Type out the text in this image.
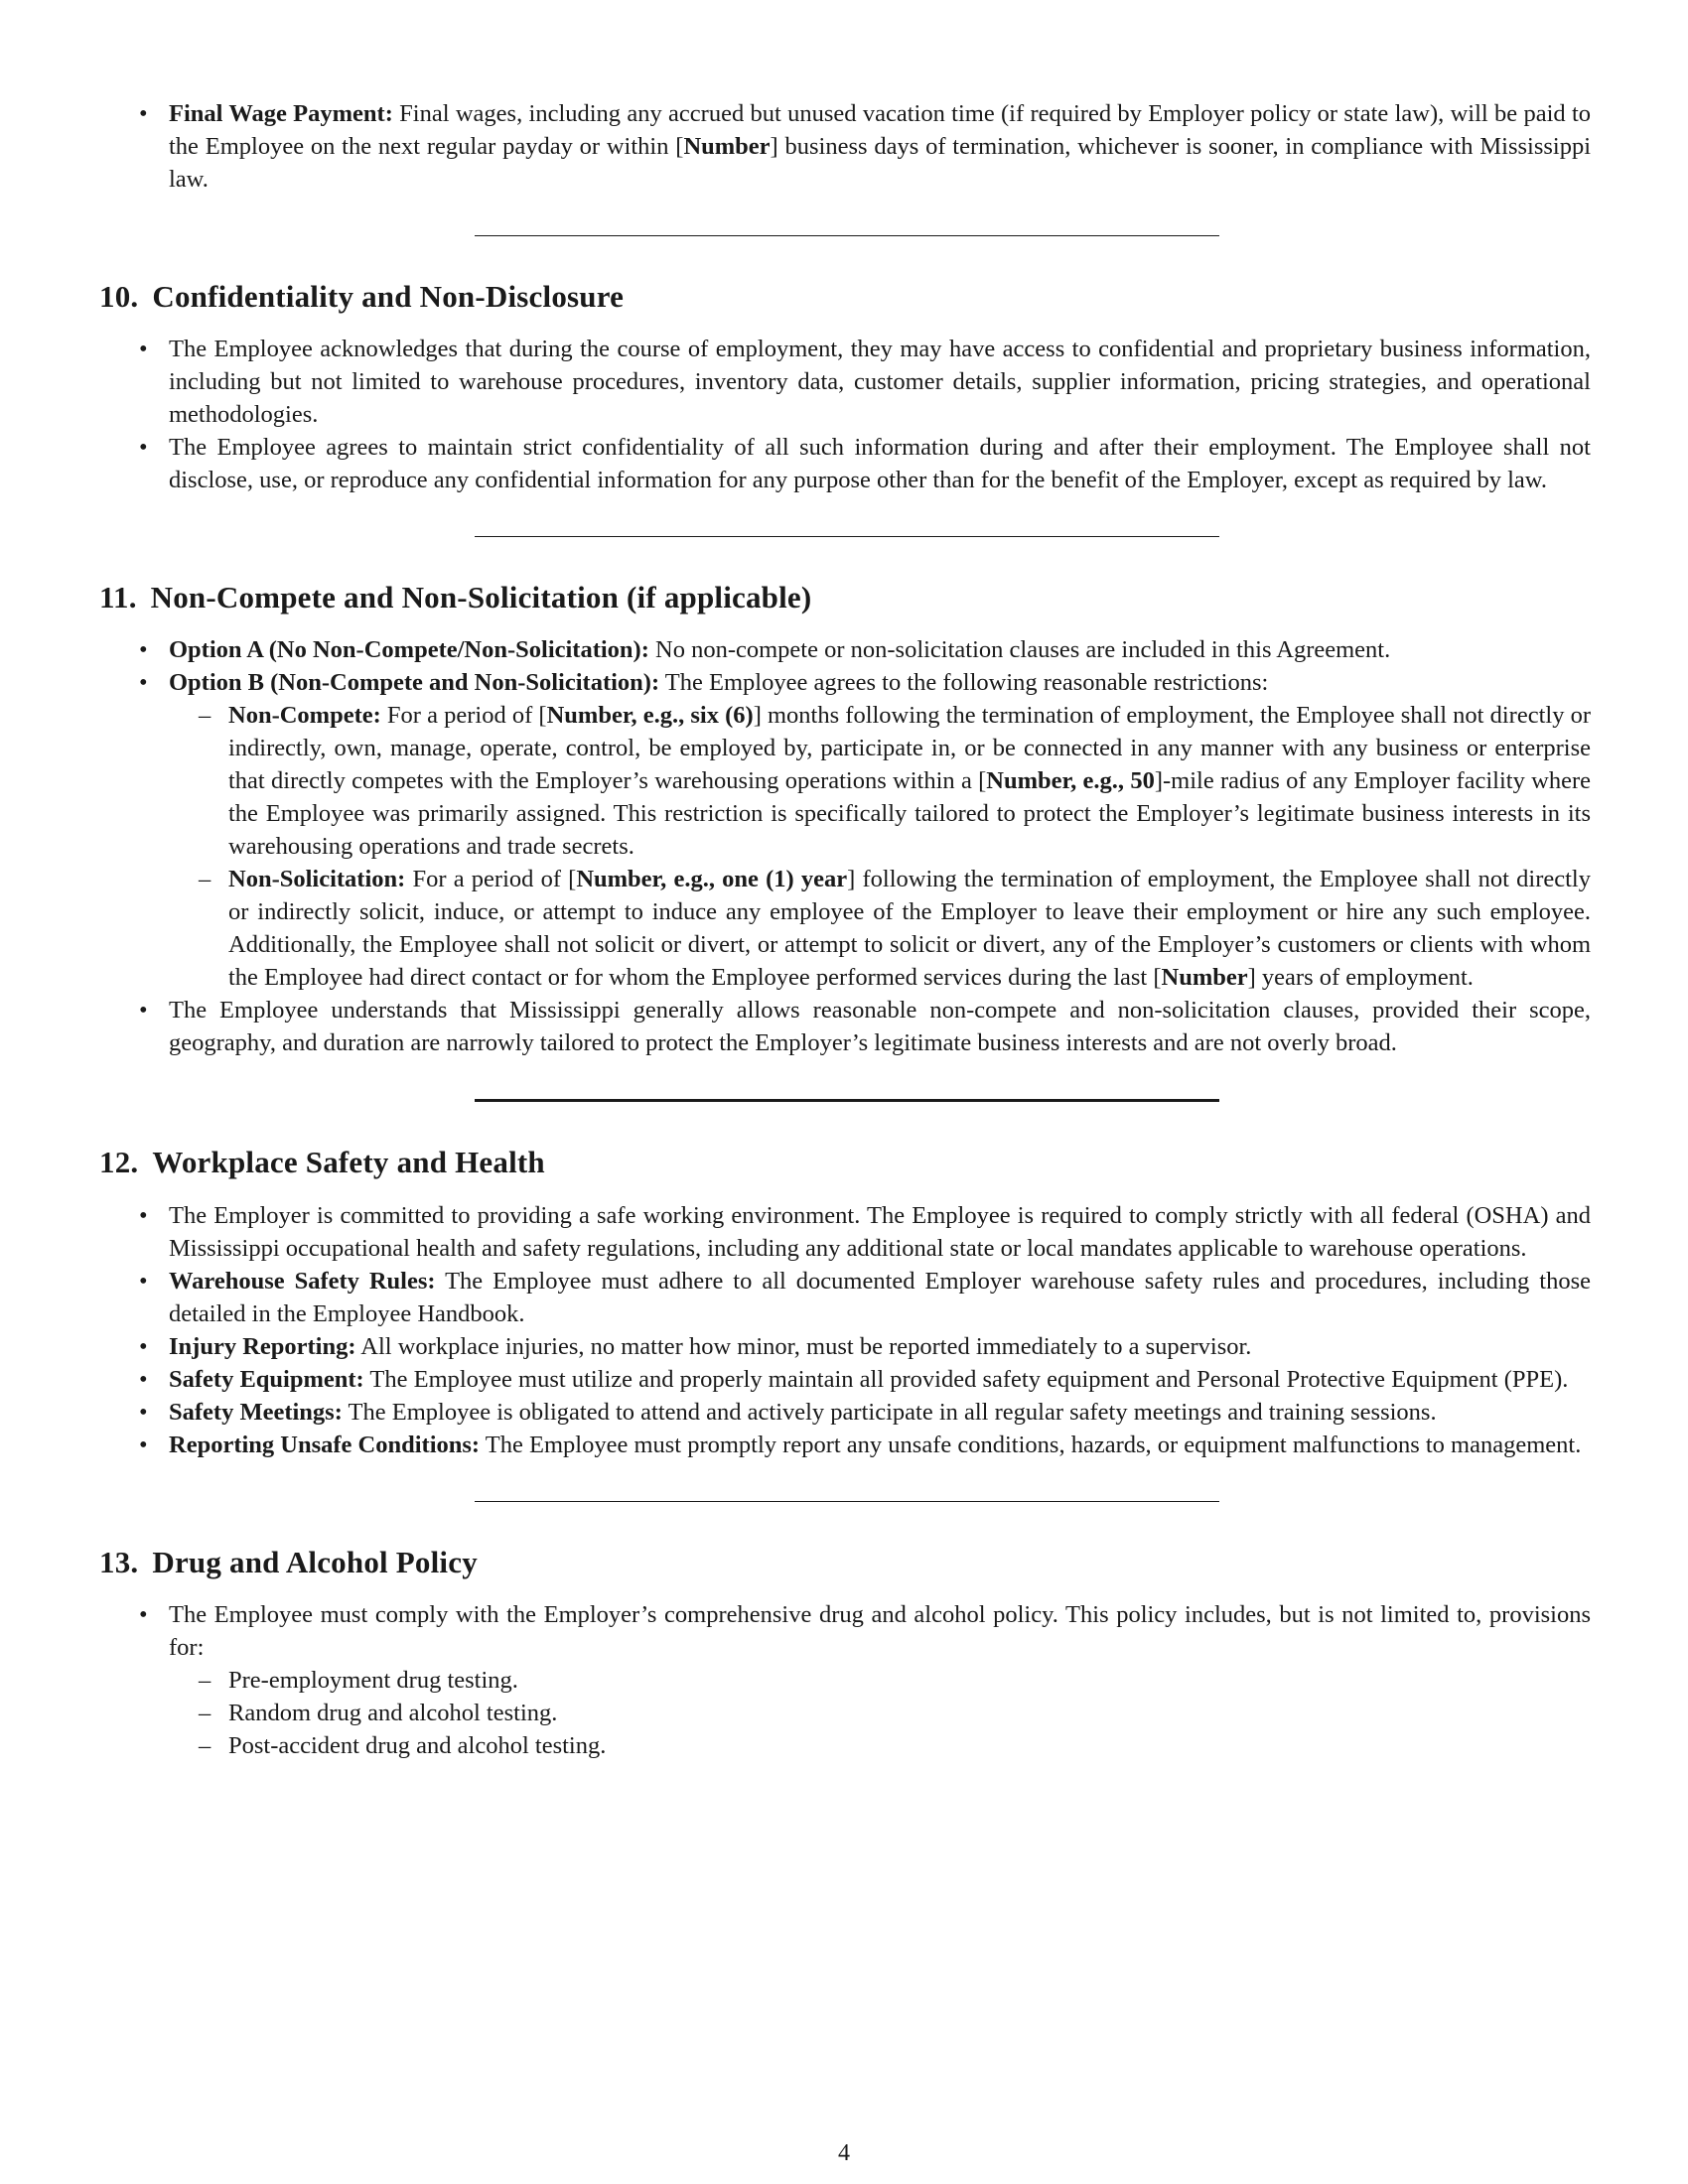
• Final Wage Payment: Final wages, including any accrued but unused vacation time (if required by Employer policy or state law), will be paid to the Employee on the next regular payday or within [Number] business days of termination, whichever is sooner, in compliance with Mississippi law.
10. Confidentiality and Non-Disclosure
• The Employee acknowledges that during the course of employment, they may have access to confidential and proprietary business information, including but not limited to warehouse procedures, inventory data, customer details, supplier information, pricing strategies, and operational methodologies.
• The Employee agrees to maintain strict confidentiality of all such information during and after their employment. The Employee shall not disclose, use, or reproduce any confidential information for any purpose other than for the benefit of the Employer, except as required by law.
11. Non-Compete and Non-Solicitation (if applicable)
• Option A (No Non-Compete/Non-Solicitation): No non-compete or non-solicitation clauses are included in this Agreement.
• Option B (Non-Compete and Non-Solicitation): The Employee agrees to the following reasonable restrictions:
– Non-Compete: For a period of [Number, e.g., six (6)] months following the termination of employment, the Employee shall not directly or indirectly, own, manage, operate, control, be employed by, participate in, or be connected in any manner with any business or enterprise that directly competes with the Employer’s warehousing operations within a [Number, e.g., 50]-mile radius of any Employer facility where the Employee was primarily assigned. This restriction is specifically tailored to protect the Employer’s legitimate business interests in its warehousing operations and trade secrets.
– Non-Solicitation: For a period of [Number, e.g., one (1) year] following the termination of employment, the Employee shall not directly or indirectly solicit, induce, or attempt to induce any employee of the Employer to leave their employment or hire any such employee. Additionally, the Employee shall not solicit or divert, or attempt to solicit or divert, any of the Employer’s customers or clients with whom the Employee had direct contact or for whom the Employee performed services during the last [Number] years of employment.
• The Employee understands that Mississippi generally allows reasonable non-compete and non-solicitation clauses, provided their scope, geography, and duration are narrowly tailored to protect the Employer’s legitimate business interests and are not overly broad.
12. Workplace Safety and Health
• The Employer is committed to providing a safe working environment. The Employee is required to comply strictly with all federal (OSHA) and Mississippi occupational health and safety regulations, including any additional state or local mandates applicable to warehouse operations.
• Warehouse Safety Rules: The Employee must adhere to all documented Employer warehouse safety rules and procedures, including those detailed in the Employee Handbook.
• Injury Reporting: All workplace injuries, no matter how minor, must be reported immediately to a supervisor.
• Safety Equipment: The Employee must utilize and properly maintain all provided safety equipment and Personal Protective Equipment (PPE).
• Safety Meetings: The Employee is obligated to attend and actively participate in all regular safety meetings and training sessions.
• Reporting Unsafe Conditions: The Employee must promptly report any unsafe conditions, hazards, or equipment malfunctions to management.
13. Drug and Alcohol Policy
• The Employee must comply with the Employer’s comprehensive drug and alcohol policy. This policy includes, but is not limited to, provisions for:
– Pre-employment drug testing.
– Random drug and alcohol testing.
– Post-accident drug and alcohol testing.
4
